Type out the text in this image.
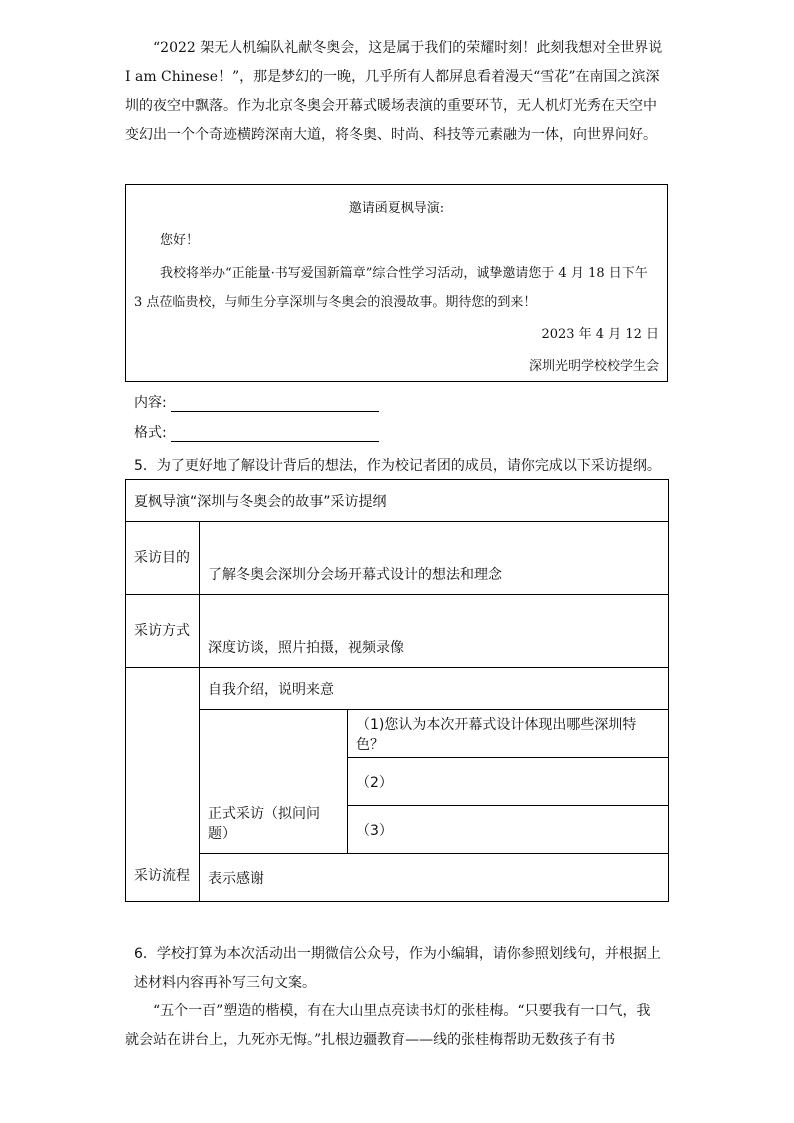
“2022 架无人机编队礼献冬奥会，这是属于我们的荣耀时刻！此刻我想对全世界说 I am Chinese！”，那是梦幻的一晚，几乎所有人都屏息看着漫天“雪花”在南国之滨深圳的夜空中飘落。作为北京冬奥会开幕式暖场表演的重要环节，无人机灯光秀在天空中变幻出一个个奇迹横跨深南大道，将冬奥、时尚、科技等元素融为一体，向世界问好。
邀请函夏枫导演:
您好！
我校将举办“正能量·书写爱国新篇章”综合性学习活动，诚挚邀请您于 4 月 18 日下午 3 点莅临贵校，与师生分享深圳与冬奥会的浪漫故事。期待您的到来！
2023 年 4 月 12 日
深圳光明学校校学生会
内容:
格式:
5．为了更好地了解设计背后的想法，作为校记者团的成员，请你完成以下采访提纲。
夏枫导演“深圳与冬奥会的故事”采访提纲		
采访目的	了解冬奥会深圳分会场开幕式设计的想法和理念	
采访方式	深度访谈，照片拍摄，视频录像	
采访流程	自我介绍，说明来意	
	正式采访（拟问问题）	（1)您认为本次开幕式设计体现出哪些深圳特色？
		（2）
		（3）
	表示感谢	
6．学校打算为本次活动出一期微信公众号，作为小编辑，请你参照划线句，并根据上述材料内容再补写三句文案。
“五个一百”塑造的楷模，有在大山里点亮读书灯的张桂梅。“只要我有一口气，我就会站在讲台上，九死亦无悔。”扎根边疆教育——线的张桂梅帮助无数孩子有书
